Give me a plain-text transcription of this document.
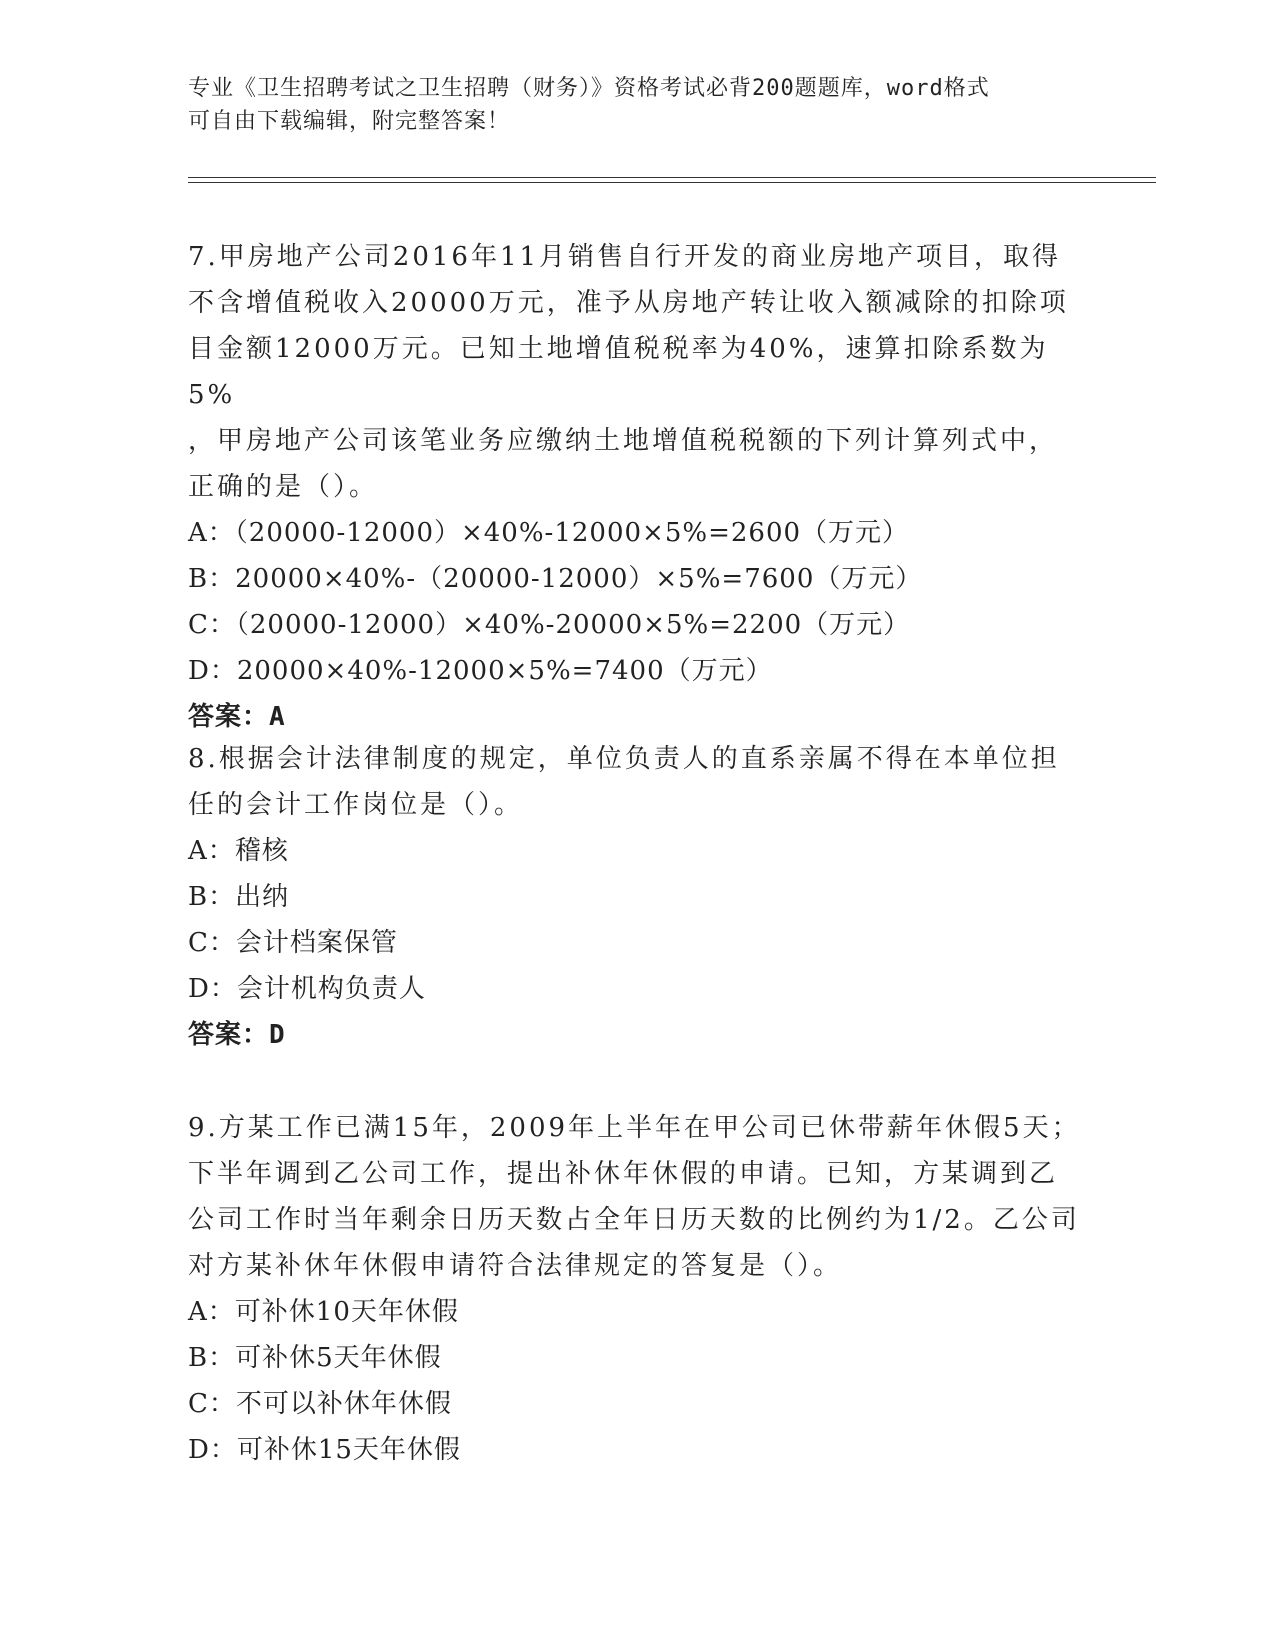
专业《卫生招聘考试之卫生招聘（财务）》资格考试必背200题题库，word格式
可自由下载编辑，附完整答案！
7.甲房地产公司2016年11月销售自行开发的商业房地产项目，取得
不含增值税收入20000万元，准予从房地产转让收入额减除的扣除项
目金额12000万元。已知土地增值税税率为40%，速算扣除系数为5%
，甲房地产公司该笔业务应缴纳土地增值税税额的下列计算列式中，
正确的是（）。
A：（20000-12000）×40%-12000×5%=2600（万元）
B：20000×40%-（20000-12000）×5%=7600（万元）
C：（20000-12000）×40%-20000×5%=2200（万元）
D：20000×40%-12000×5%=7400（万元）
答案：A
8.根据会计法律制度的规定，单位负责人的直系亲属不得在本单位担
任的会计工作岗位是（）。
A：稽核
B：出纳
C：会计档案保管
D：会计机构负责人
答案：D
9.方某工作已满15年，2009年上半年在甲公司已休带薪年休假5天；
下半年调到乙公司工作，提出补休年休假的申请。已知，方某调到乙
公司工作时当年剩余日历天数占全年日历天数的比例约为1/2。乙公司
对方某补休年休假申请符合法律规定的答复是（）。
A：可补休10天年休假
B：可补休5天年休假
C：不可以补休年休假
D：可补休15天年休假
